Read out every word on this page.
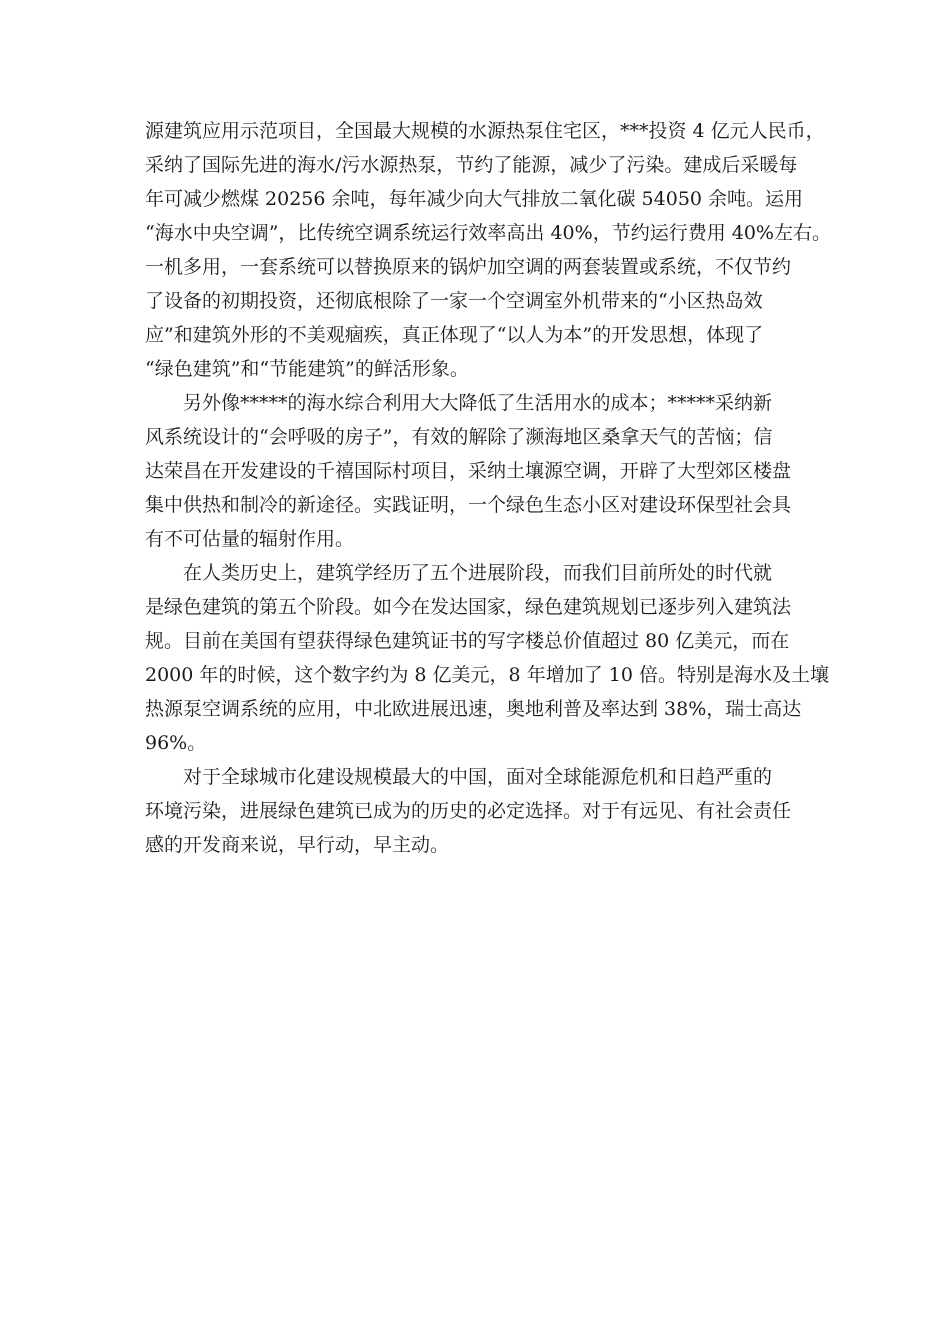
源建筑应用示范项目，全国最大规模的水源热泵住宅区，***投资 4 亿元人民币，
采纳了国际先进的海水/污水源热泵，节约了能源，减少了污染。建成后采暖每
年可减少燃煤 20256 余吨，每年减少向大气排放二氧化碳 54050 余吨。运用
“海水中央空调”，比传统空调系统运行效率高出 40%，节约运行费用 40%左右。
一机多用，一套系统可以替换原来的锅炉加空调的两套装置或系统，不仅节约
了设备的初期投资，还彻底根除了一家一个空调室外机带来的“小区热岛效
应”和建筑外形的不美观痼疾，真正体现了“以人为本”的开发思想，体现了
“绿色建筑”和“节能建筑”的鲜活形象。

另外像*****的海水综合利用大大降低了生活用水的成本；*****采纳新
风系统设计的“会呼吸的房子”，有效的解除了濒海地区桑拿天气的苦恼；信
达荣昌在开发建设的千禧国际村项目，采纳土壤源空调，开辟了大型郊区楼盘
集中供热和制冷的新途径。实践证明，一个绿色生态小区对建设环保型社会具
有不可估量的辐射作用。

在人类历史上，建筑学经历了五个进展阶段，而我们目前所处的时代就
是绿色建筑的第五个阶段。如今在发达国家，绿色建筑规划已逐步列入建筑法
规。目前在美国有望获得绿色建筑证书的写字楼总价值超过 80 亿美元，而在
2000 年的时候，这个数字约为 8 亿美元，8 年增加了 10 倍。特别是海水及土壤
热源泵空调系统的应用，中北欧进展迅速，奥地利普及率达到 38%，瑞士高达
96%。

对于全球城市化建设规模最大的中国，面对全球能源危机和日趋严重的
环境污染，进展绿色建筑已成为的历史的必定选择。对于有远见、有社会责任
感的开发商来说，早行动，早主动。
